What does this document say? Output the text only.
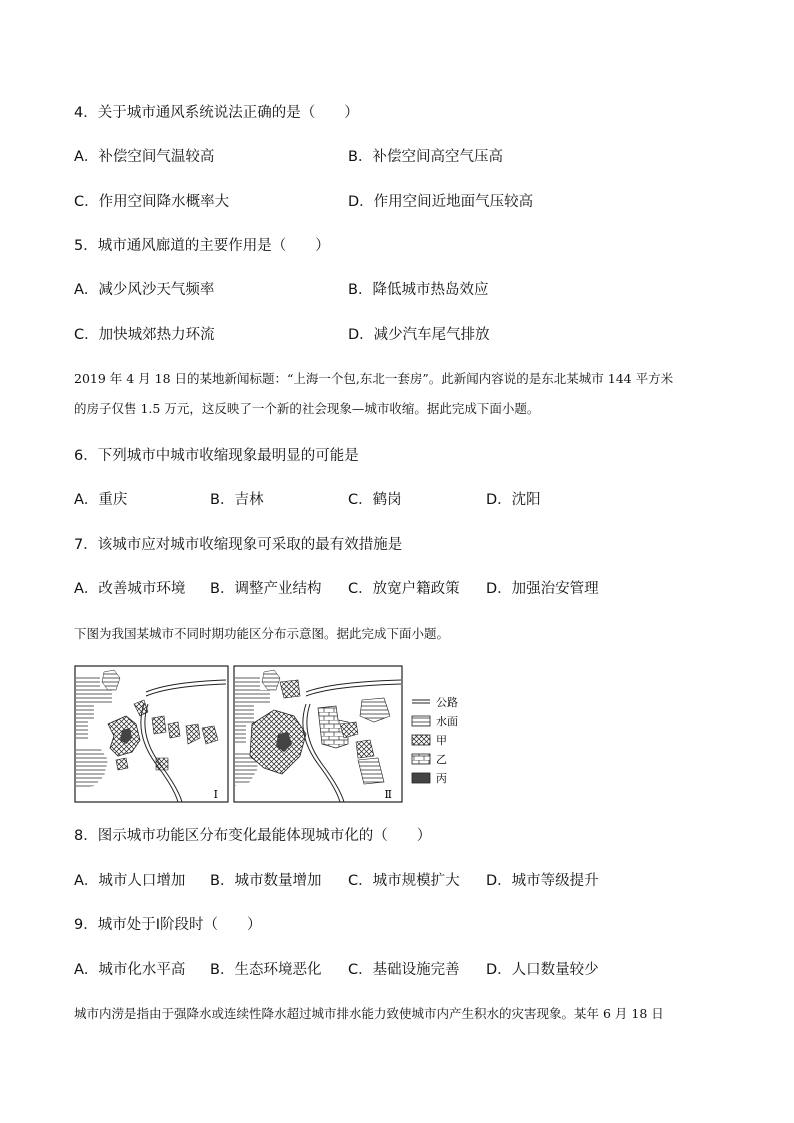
4．关于城市通风系统说法正确的是（　　）
A．补偿空间气温较高	B．补偿空间高空气压高
C．作用空间降水概率大	D．作用空间近地面气压较高
5．城市通风廊道的主要作用是（　　）
A．减少风沙天气频率	B．降低城市热岛效应
C．加快城郊热力环流	D．减少汽车尾气排放
2019 年 4 月 18 日的某地新闻标题：“上海一个包,东北一套房”。此新闻内容说的是东北某城市 144 平方米
的房子仅售 1.5 万元，这反映了一个新的社会现象—城市收缩。据此完成下面小题。
6．下列城市中城市收缩现象最明显的可能是
A．重庆	B．吉林	C．鹤岗	D．沈阳
7．该城市应对城市收缩现象可采取的最有效措施是
A．改善城市环境 B．调整产业结构 C．放宽户籍政策 D．加强治安管理
下图为我国某城市不同时期功能区分布示意图。据此完成下面小题。
Ⅰ	Ⅱ
公路
水面
甲
乙
丙
8．图示城市功能区分布变化最能体现城市化的（　　）
A．城市人口增加 B．城市数量增加 C．城市规模扩大 D．城市等级提升
9．城市处于Ⅰ阶段时（　　）
A．城市化水平高 B．生态环境恶化 C．基础设施完善 D．人口数量较少
城市内涝是指由于强降水或连续性降水超过城市排水能力致使城市内产生积水的灾害现象。某年 6 月 18 日
